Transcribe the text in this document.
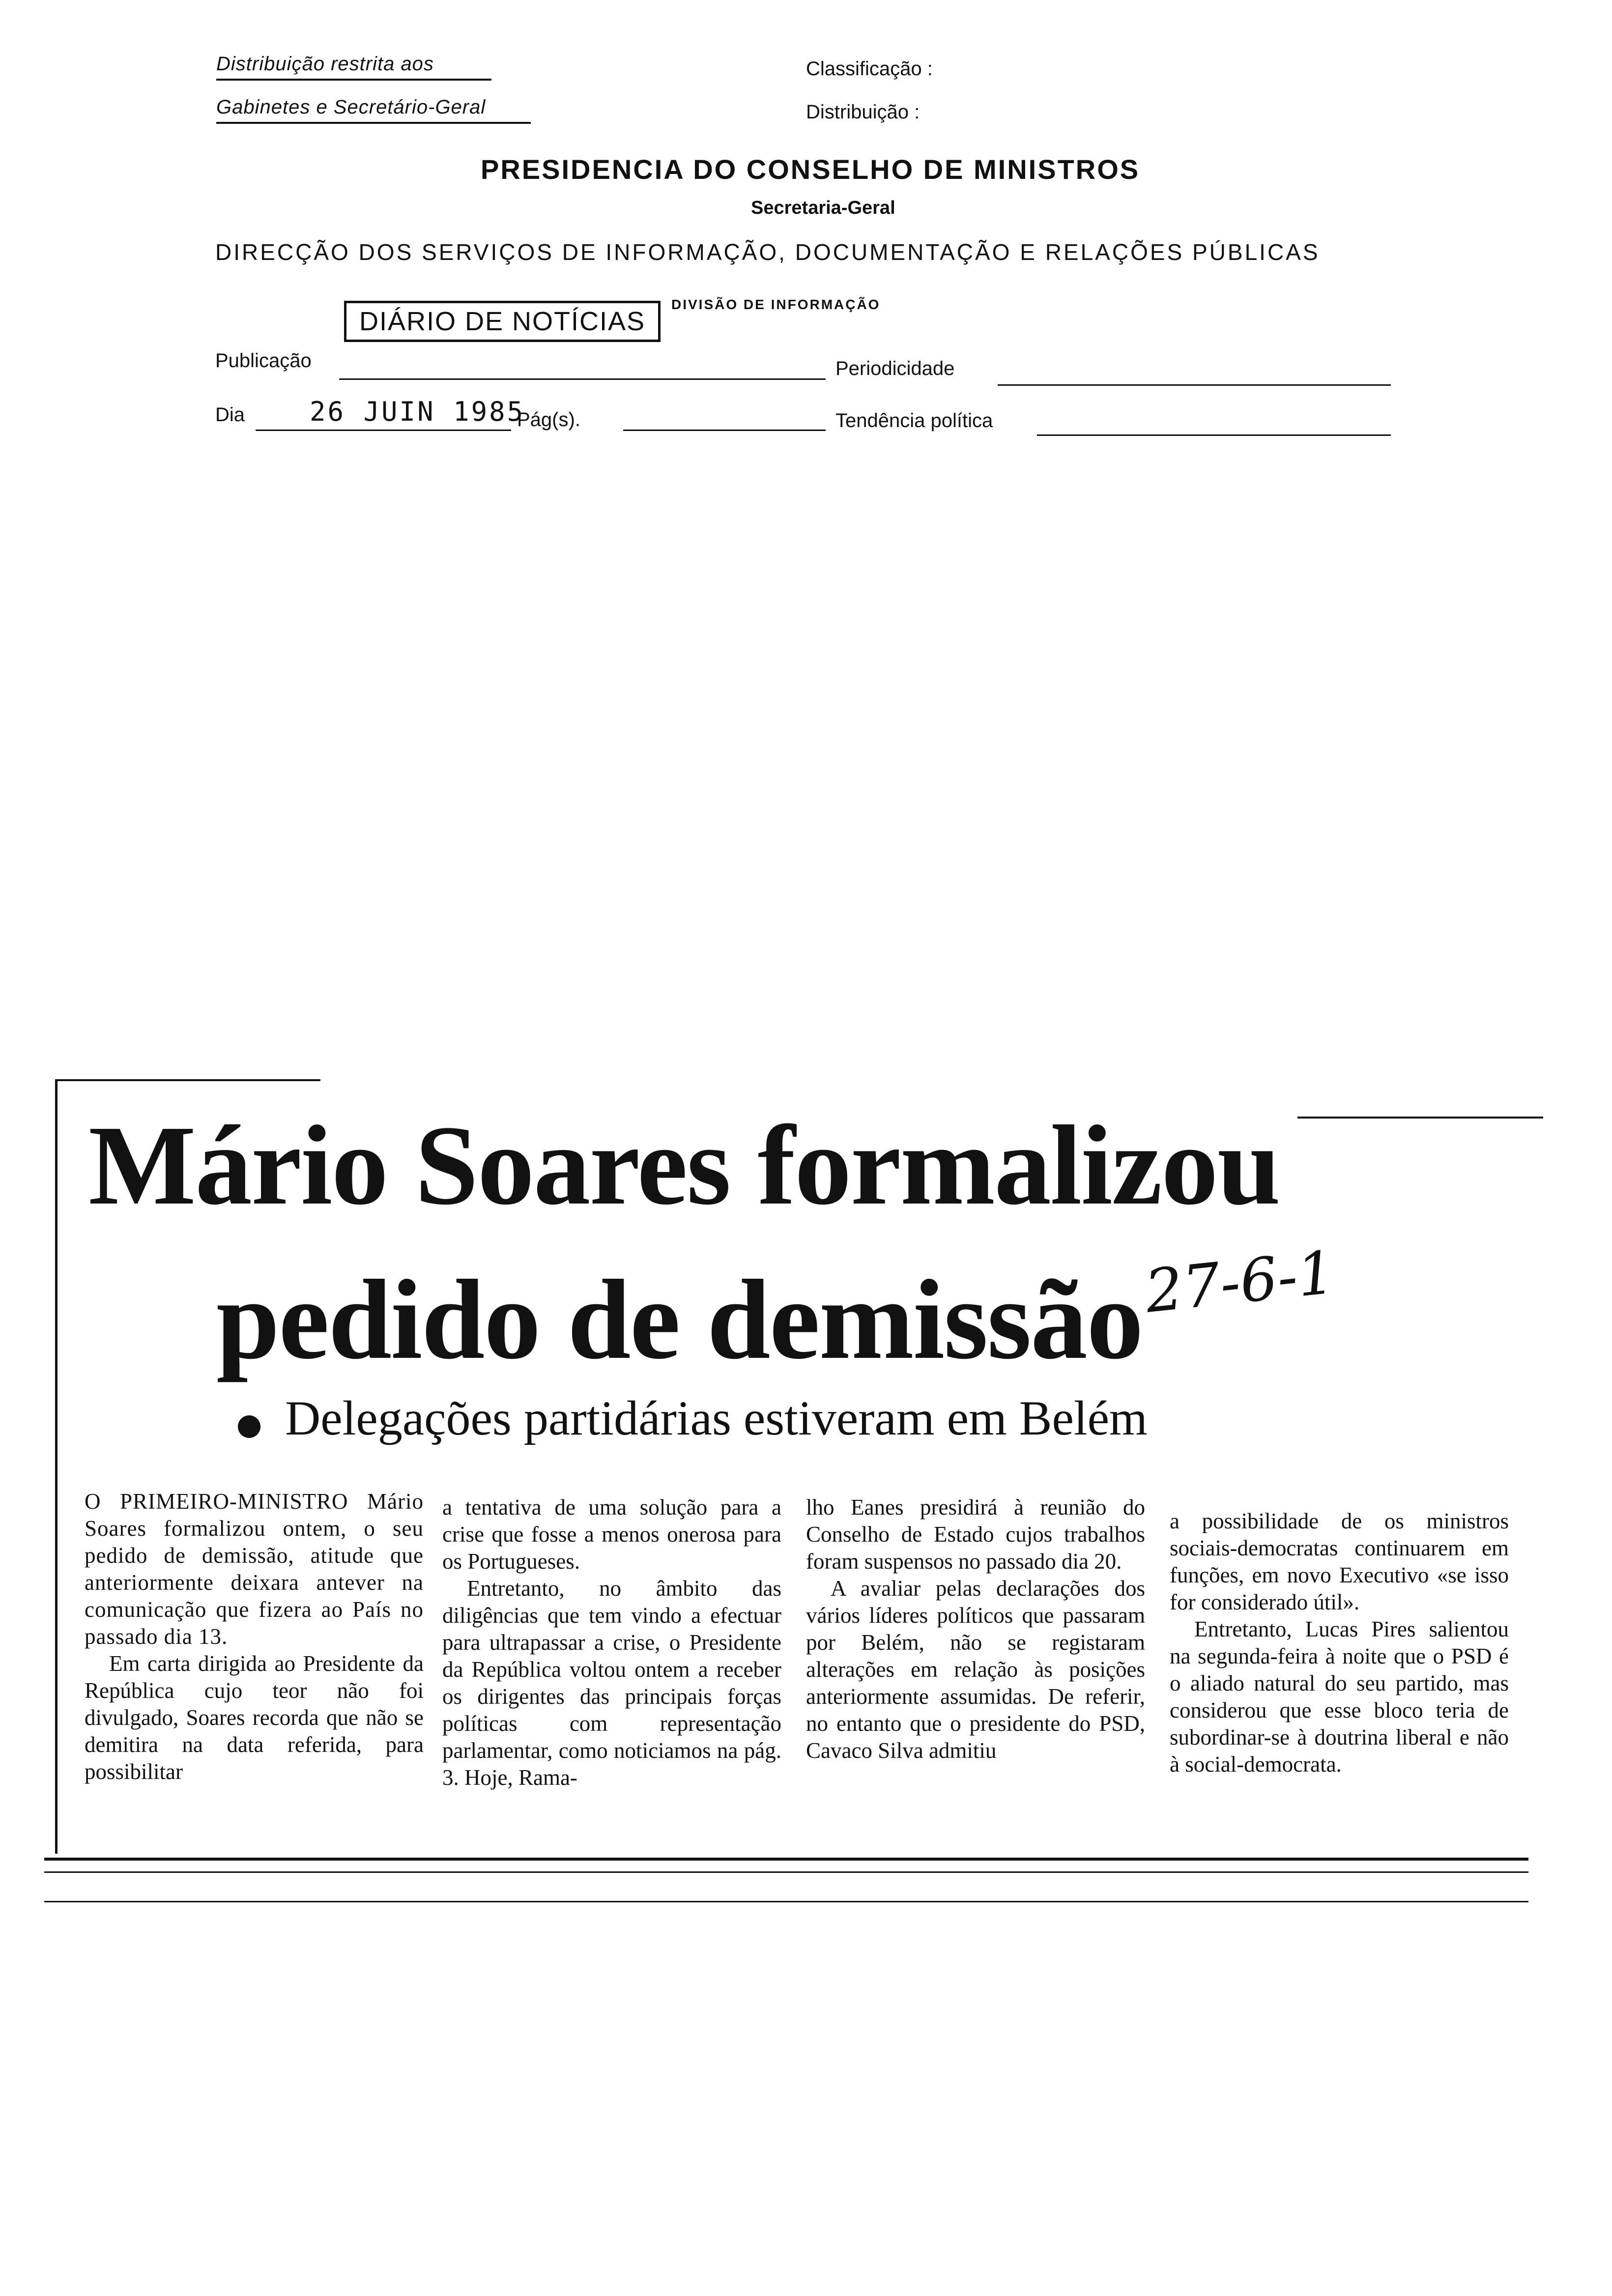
Distribuição restrita aos
Gabinetes e Secretário-Geral
Classificação :
Distribuição :
PRESIDENCIA DO CONSELHO DE MINISTROS
Secretaria-Geral
DIRECÇÃO DOS SERVIÇOS DE INFORMAÇÃO, DOCUMENTAÇÃO E RELAÇÕES PÚBLICAS
DIVISÃO DE INFORMAÇÃO
DIÁRIO DE NOTÍCIAS
Publicação	Periodicidade
Dia 26 JUIN 1985
Pág(s).	Tendência política
Mário Soares formalizou
pedido de demissão
27-6-1
Delegações partidárias estiveram em Belém

O PRIMEIRO-MINISTRO Mário Soares formalizou ontem, o seu pedido de demissão, atitude que anteriormente deixara antever na comunicação que fizera ao País no passado dia 13.

Em carta dirigida ao Presidente da República cujo teor não foi divulgado, Soares recorda que não se demitira na data referida, para possibilitar

a tentativa de uma solução para a crise que fosse a menos onerosa para os Portugueses.

Entretanto, no âmbito das diligências que tem vindo a efectuar para ultrapassar a crise, o Presidente da República voltou ontem a receber os dirigentes das principais forças políticas com representação parlamentar, como noticiamos na pág. 3. Hoje, Rama-

lho Eanes presidirá à reunião do Conselho de Estado cujos trabalhos foram suspensos no passado dia 20.

A avaliar pelas declarações dos vários líderes políticos que passaram por Belém, não se registaram alterações em relação às posições anteriormente assumidas. De referir, no entanto que o presidente do PSD, Cavaco Silva admitiu

a possibilidade de os ministros sociais-democratas continuarem em funções, em novo Executivo «se isso for considerado útil».

Entretanto, Lucas Pires salientou na segunda-feira à noite que o PSD é o aliado natural do seu partido, mas considerou que esse bloco teria de subordinar-se à doutrina liberal e não à social-democrata.
